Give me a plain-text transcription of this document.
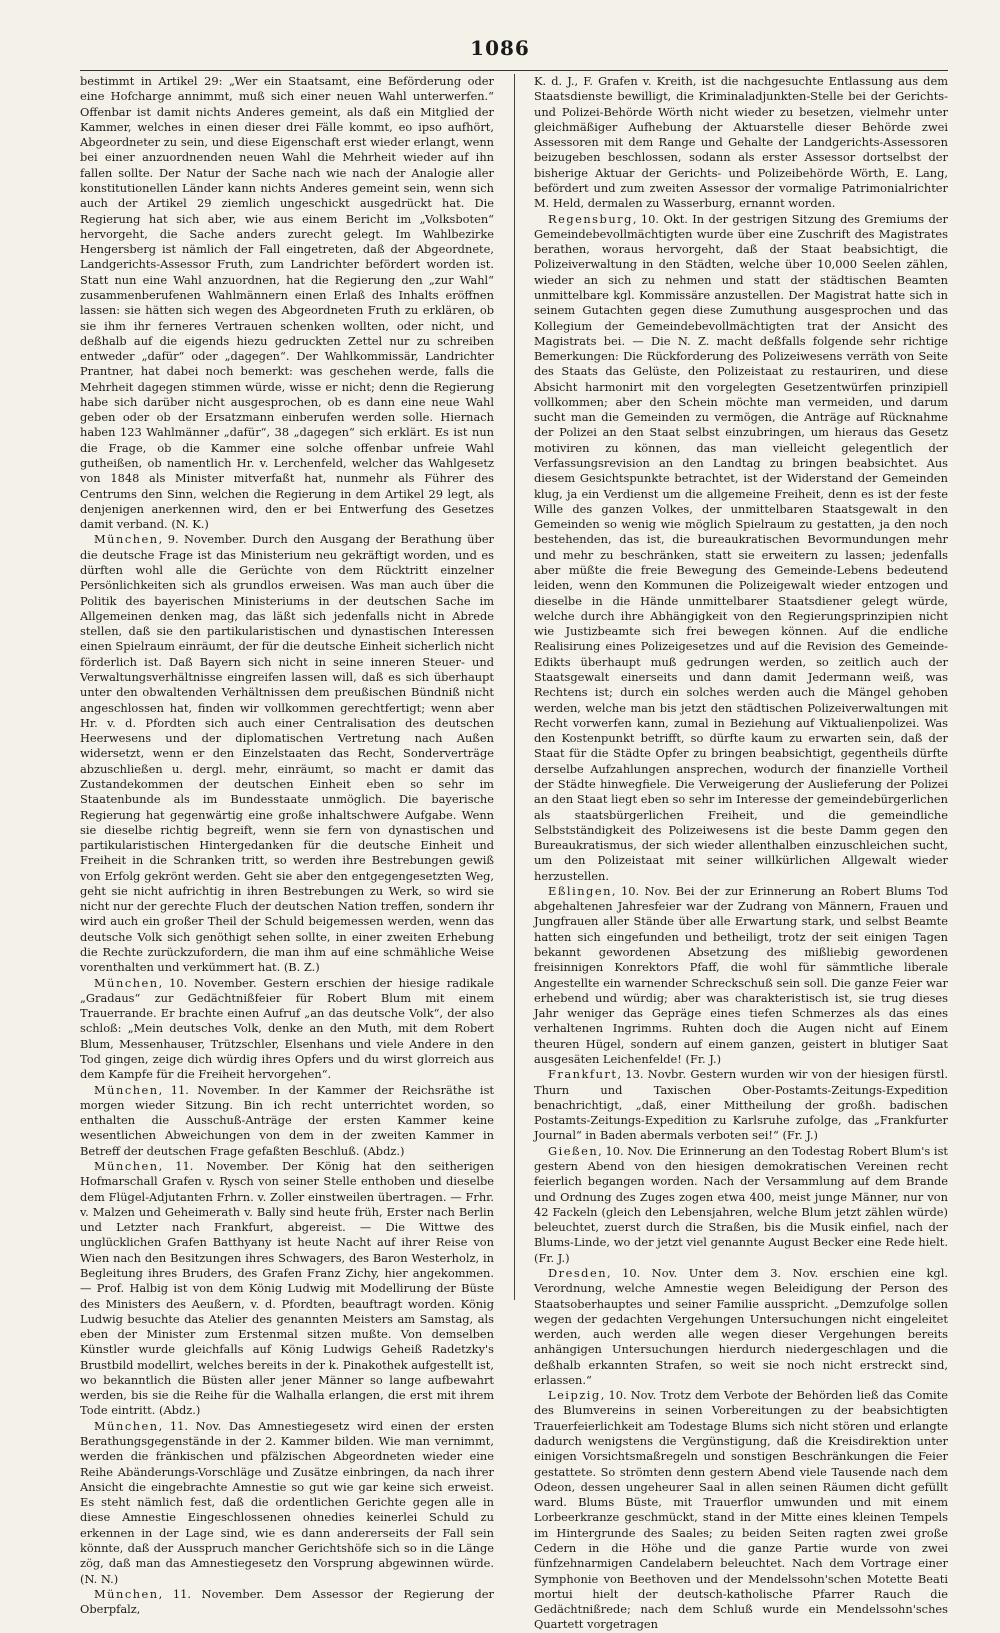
1086

bestimmt in Artikel 29: „Wer ein Staatsamt, eine Beförderung oder eine Hofcharge annimmt, muß sich einer neuen Wahl unterwerfen.“ Offenbar ist damit nichts Anderes gemeint, als daß ein Mitglied der Kammer, welches in einen dieser drei Fälle kommt, eo ipso aufhört, Abgeordneter zu sein, und diese Eigenschaft erst wieder erlangt, wenn bei einer anzuordnenden neuen Wahl die Mehrheit wieder auf ihn fallen sollte. Der Natur der Sache nach wie nach der Analogie aller konstitutionellen Länder kann nichts Anderes gemeint sein, wenn sich auch der Artikel 29 ziemlich ungeschickt ausgedrückt hat. Die Regierung hat sich aber, wie aus einem Bericht im „Volksboten“ hervorgeht, die Sache anders zurecht gelegt. Im Wahlbezirke Hengersberg ist nämlich der Fall eingetreten, daß der Abgeordnete, Landgerichts-Assessor Fruth, zum Landrichter befördert worden ist. Statt nun eine Wahl anzuordnen, hat die Regierung den „zur Wahl“ zusammenberufenen Wahlmännern einen Erlaß des Inhalts eröffnen lassen: sie hätten sich wegen des Abgeordneten Fruth zu erklären, ob sie ihm ihr ferneres Vertrauen schenken wollten, oder nicht, und deßhalb auf die eigends hiezu gedruckten Zettel nur zu schreiben entweder „dafür“ oder „dagegen“. Der Wahlkommissär, Landrichter Prantner, hat dabei noch bemerkt: was geschehen werde, falls die Mehrheit dagegen stimmen würde, wisse er nicht; denn die Regierung habe sich darüber nicht ausgesprochen, ob es dann eine neue Wahl geben oder ob der Ersatzmann einberufen werden solle. Hiernach haben 123 Wahlmänner „dafür“, 38 „dagegen“ sich erklärt. Es ist nun die Frage, ob die Kammer eine solche offenbar unfreie Wahl gutheißen, ob namentlich Hr. v. Lerchenfeld, welcher das Wahlgesetz von 1848 als Minister mitverfaßt hat, nunmehr als Führer des Centrums den Sinn, welchen die Regierung in dem Artikel 29 legt, als denjenigen anerkennen wird, den er bei Entwerfung des Gesetzes damit verband. (N. K.)

München, 9. November. Durch den Ausgang der Berathung über die deutsche Frage ist das Ministerium neu gekräftigt worden, und es dürften wohl alle die Gerüchte von dem Rücktritt einzelner Persönlichkeiten sich als grundlos erweisen. Was man auch über die Politik des bayerischen Ministeriums in der deutschen Sache im Allgemeinen denken mag, das läßt sich jedenfalls nicht in Abrede stellen, daß sie den partikularistischen und dynastischen Interessen einen Spielraum einräumt, der für die deutsche Einheit sicherlich nicht förderlich ist. Daß Bayern sich nicht in seine inneren Steuer- und Verwaltungsverhältnisse eingreifen lassen will, daß es sich überhaupt unter den obwaltenden Verhältnissen dem preußischen Bündniß nicht angeschlossen hat, finden wir vollkommen gerechtfertigt; wenn aber Hr. v. d. Pfordten sich auch einer Centralisation des deutschen Heerwesens und der diplomatischen Vertretung nach Außen widersetzt, wenn er den Einzelstaaten das Recht, Sonderverträge abzuschließen u. dergl. mehr, einräumt, so macht er damit das Zustandekommen der deutschen Einheit eben so sehr im Staatenbunde als im Bundesstaate unmöglich. Die bayerische Regierung hat gegenwärtig eine große inhaltschwere Aufgabe. Wenn sie dieselbe richtig begreift, wenn sie fern von dynastischen und partikularistischen Hintergedanken für die deutsche Einheit und Freiheit in die Schranken tritt, so werden ihre Bestrebungen gewiß von Erfolg gekrönt werden. Geht sie aber den entgegengesetzten Weg, geht sie nicht aufrichtig in ihren Bestrebungen zu Werk, so wird sie nicht nur der gerechte Fluch der deutschen Nation treffen, sondern ihr wird auch ein großer Theil der Schuld beigemessen werden, wenn das deutsche Volk sich genöthigt sehen sollte, in einer zweiten Erhebung die Rechte zurückzufordern, die man ihm auf eine schmähliche Weise vorenthalten und verkümmert hat. (B. Z.)

München, 10. November. Gestern erschien der hiesige radikale „Gradaus“ zur Gedächtnißfeier für Robert Blum mit einem Trauerrande. Er brachte einen Aufruf „an das deutsche Volk“, der also schloß: „Mein deutsches Volk, denke an den Muth, mit dem Robert Blum, Messenhauser, Trützschler, Elsenhans und viele Andere in den Tod gingen, zeige dich würdig ihres Opfers und du wirst glorreich aus dem Kampfe für die Freiheit hervorgehen“.

München, 11. November. In der Kammer der Reichsräthe ist morgen wieder Sitzung. Bin ich recht unterrichtet worden, so enthalten die Ausschuß-Anträge der ersten Kammer keine wesentlichen Abweichungen von dem in der zweiten Kammer in Betreff der deutschen Frage gefaßten Beschluß. (Abdz.)

München, 11. November. Der König hat den seitherigen Hofmarschall Grafen v. Rysch von seiner Stelle enthoben und dieselbe dem Flügel-Adjutanten Frhrn. v. Zoller einstweilen übertragen. — Frhr. v. Malzen und Geheimerath v. Bally sind heute früh, Erster nach Berlin und Letzter nach Frankfurt, abgereist. — Die Wittwe des unglücklichen Grafen Batthyany ist heute Nacht auf ihrer Reise von Wien nach den Besitzungen ihres Schwagers, des Baron Westerholz, in Begleitung ihres Bruders, des Grafen Franz Zichy, hier angekommen. — Prof. Halbig ist von dem König Ludwig mit Modellirung der Büste des Ministers des Aeußern, v. d. Pfordten, beauftragt worden. König Ludwig besuchte das Atelier des genannten Meisters am Samstag, als eben der Minister zum Erstenmal sitzen mußte. Von demselben Künstler wurde gleichfalls auf König Ludwigs Geheiß Radetzky's Brustbild modellirt, welches bereits in der k. Pinakothek aufgestellt ist, wo bekanntlich die Büsten aller jener Männer so lange aufbewahrt werden, bis sie die Reihe für die Walhalla erlangen, die erst mit ihrem Tode eintritt. (Abdz.)

München, 11. Nov. Das Amnestiegesetz wird einen der ersten Berathungsgegenstände in der 2. Kammer bilden. Wie man vernimmt, werden die fränkischen und pfälzischen Abgeordneten wieder eine Reihe Abänderungs-Vorschläge und Zusätze einbringen, da nach ihrer Ansicht die eingebrachte Amnestie so gut wie gar keine sich erweist. Es steht nämlich fest, daß die ordentlichen Gerichte gegen alle in diese Amnestie Eingeschlossenen ohnedies keinerlei Schuld zu erkennen in der Lage sind, wie es dann andererseits der Fall sein könnte, daß der Ausspruch mancher Gerichtshöfe sich so in die Länge zög, daß man das Amnestiegesetz den Vorsprung abgewinnen würde. (N. N.)

München, 11. November. Dem Assessor der Regierung der Oberpfalz,

K. d. J., F. Grafen v. Kreith, ist die nachgesuchte Entlassung aus dem Staatsdienste bewilligt, die Kriminaladjunkten-Stelle bei der Gerichts- und Polizei-Behörde Wörth nicht wieder zu besetzen, vielmehr unter gleichmäßiger Aufhebung der Aktuarstelle dieser Behörde zwei Assessoren mit dem Range und Gehalte der Landgerichts-Assessoren beizugeben beschlossen, sodann als erster Assessor dortselbst der bisherige Aktuar der Gerichts- und Polizeibehörde Wörth, E. Lang, befördert und zum zweiten Assessor der vormalige Patrimonialrichter M. Held, dermalen zu Wasserburg, ernannt worden.

Regensburg, 10. Okt. In der gestrigen Sitzung des Gremiums der Gemeindebevollmächtigten wurde über eine Zuschrift des Magistrates berathen, woraus hervorgeht, daß der Staat beabsichtigt, die Polizeiverwaltung in den Städten, welche über 10,000 Seelen zählen, wieder an sich zu nehmen und statt der städtischen Beamten unmittelbare kgl. Kommissäre anzustellen. Der Magistrat hatte sich in seinem Gutachten gegen diese Zumuthung ausgesprochen und das Kollegium der Gemeindebevollmächtigten trat der Ansicht des Magistrats bei. — Die N. Z. macht deßfalls folgende sehr richtige Bemerkungen: Die Rückforderung des Polizeiwesens verräth von Seite des Staats das Gelüste, den Polizeistaat zu restauriren, und diese Absicht harmonirt mit den vorgelegten Gesetzentwürfen prinzipiell vollkommen; aber den Schein möchte man vermeiden, und darum sucht man die Gemeinden zu vermögen, die Anträge auf Rücknahme der Polizei an den Staat selbst einzubringen, um hieraus das Gesetz motiviren zu können, das man vielleicht gelegentlich der Verfassungsrevision an den Landtag zu bringen beabsichtet. Aus diesem Gesichtspunkte betrachtet, ist der Widerstand der Gemeinden klug, ja ein Verdienst um die allgemeine Freiheit, denn es ist der feste Wille des ganzen Volkes, der unmittelbaren Staatsgewalt in den Gemeinden so wenig wie möglich Spielraum zu gestatten, ja den noch bestehenden, das ist, die bureaukratischen Bevormundungen mehr und mehr zu beschränken, statt sie erweitern zu lassen; jedenfalls aber müßte die freie Bewegung des Gemeinde-Lebens bedeutend leiden, wenn den Kommunen die Polizeigewalt wieder entzogen und dieselbe in die Hände unmittelbarer Staatsdiener gelegt würde, welche durch ihre Abhängigkeit von den Regierungsprinzipien nicht wie Justizbeamte sich frei bewegen können. Auf die endliche Realisirung eines Polizeigesetzes und auf die Revision des Gemeinde-Edikts überhaupt muß gedrungen werden, so zeitlich auch der Staatsgewalt einerseits und dann damit Jedermann weiß, was Rechtens ist; durch ein solches werden auch die Mängel gehoben werden, welche man bis jetzt den städtischen Polizeiverwaltungen mit Recht vorwerfen kann, zumal in Beziehung auf Viktualienpolizei. Was den Kostenpunkt betrifft, so dürfte kaum zu erwarten sein, daß der Staat für die Städte Opfer zu bringen beabsichtigt, gegentheils dürfte derselbe Aufzahlungen ansprechen, wodurch der finanzielle Vortheil der Städte hinwegfiele. Die Verweigerung der Auslieferung der Polizei an den Staat liegt eben so sehr im Interesse der gemeindebürgerlichen als staatsbürgerlichen Freiheit, und die gemeindliche Selbstständigkeit des Polizeiwesens ist die beste Damm gegen den Bureaukratismus, der sich wieder allenthalben einzuschleichen sucht, um den Polizeistaat mit seiner willkürlichen Allgewalt wieder herzustellen.

Eßlingen, 10. Nov. Bei der zur Erinnerung an Robert Blums Tod abgehaltenen Jahresfeier war der Zudrang von Männern, Frauen und Jungfrauen aller Stände über alle Erwartung stark, und selbst Beamte hatten sich eingefunden und betheiligt, trotz der seit einigen Tagen bekannt gewordenen Absetzung des mißliebig gewordenen freisinnigen Konrektors Pfaff, die wohl für sämmtliche liberale Angestellte ein warnender Schreckschuß sein soll. Die ganze Feier war erhebend und würdig; aber was charakteristisch ist, sie trug dieses Jahr weniger das Gepräge eines tiefen Schmerzes als das eines verhaltenen Ingrimms. Ruhten doch die Augen nicht auf Einem theuren Hügel, sondern auf einem ganzen, geistert in blutiger Saat ausgesäten Leichenfelde! (Fr. J.)

Frankfurt, 13. Novbr. Gestern wurden wir von der hiesigen fürstl. Thurn und Taxischen Ober-Postamts-Zeitungs-Expedition benachrichtigt, „daß, einer Mittheilung der großh. badischen Postamts-Zeitungs-Expedition zu Karlsruhe zufolge, das „Frankfurter Journal“ in Baden abermals verboten sei!“ (Fr. J.)

Gießen, 10. Nov. Die Erinnerung an den Todestag Robert Blum's ist gestern Abend von den hiesigen demokratischen Vereinen recht feierlich begangen worden. Nach der Versammlung auf dem Brande und Ordnung des Zuges zogen etwa 400, meist junge Männer, nur von 42 Fackeln (gleich den Lebensjahren, welche Blum jetzt zählen würde) beleuchtet, zuerst durch die Straßen, bis die Musik einfiel, nach der Blums-Linde, wo der jetzt viel genannte August Becker eine Rede hielt. (Fr. J.)

Dresden, 10. Nov. Unter dem 3. Nov. erschien eine kgl. Verordnung, welche Amnestie wegen Beleidigung der Person des Staatsoberhauptes und seiner Familie ausspricht. „Demzufolge sollen wegen der gedachten Vergehungen Untersuchungen nicht eingeleitet werden, auch werden alle wegen dieser Vergehungen bereits anhängigen Untersuchungen hierdurch niedergeschlagen und die deßhalb erkannten Strafen, so weit sie noch nicht erstreckt sind, erlassen.“

Leipzig, 10. Nov. Trotz dem Verbote der Behörden ließ das Comite des Blumvereins in seinen Vorbereitungen zu der beabsichtigten Trauerfeierlichkeit am Todestage Blums sich nicht stören und erlangte dadurch wenigstens die Vergünstigung, daß die Kreisdirektion unter einigen Vorsichtsmaßregeln und sonstigen Beschränkungen die Feier gestattete. So strömten denn gestern Abend viele Tausende nach dem Odeon, dessen ungeheurer Saal in allen seinen Räumen dicht gefüllt ward. Blums Büste, mit Trauerflor umwunden und mit einem Lorbeerkranze geschmückt, stand in der Mitte eines kleinen Tempels im Hintergrunde des Saales; zu beiden Seiten ragten zwei große Cedern in die Höhe und die ganze Partie wurde von zwei fünfzehnarmigen Candelabern beleuchtet. Nach dem Vortrage einer Symphonie von Beethoven und der Mendelssohn'schen Motette Beati mortui hielt der deutsch-katholische Pfarrer Rauch die Gedächtnißrede; nach dem Schluß wurde ein Mendelssohn'sches Quartett vorgetragen
